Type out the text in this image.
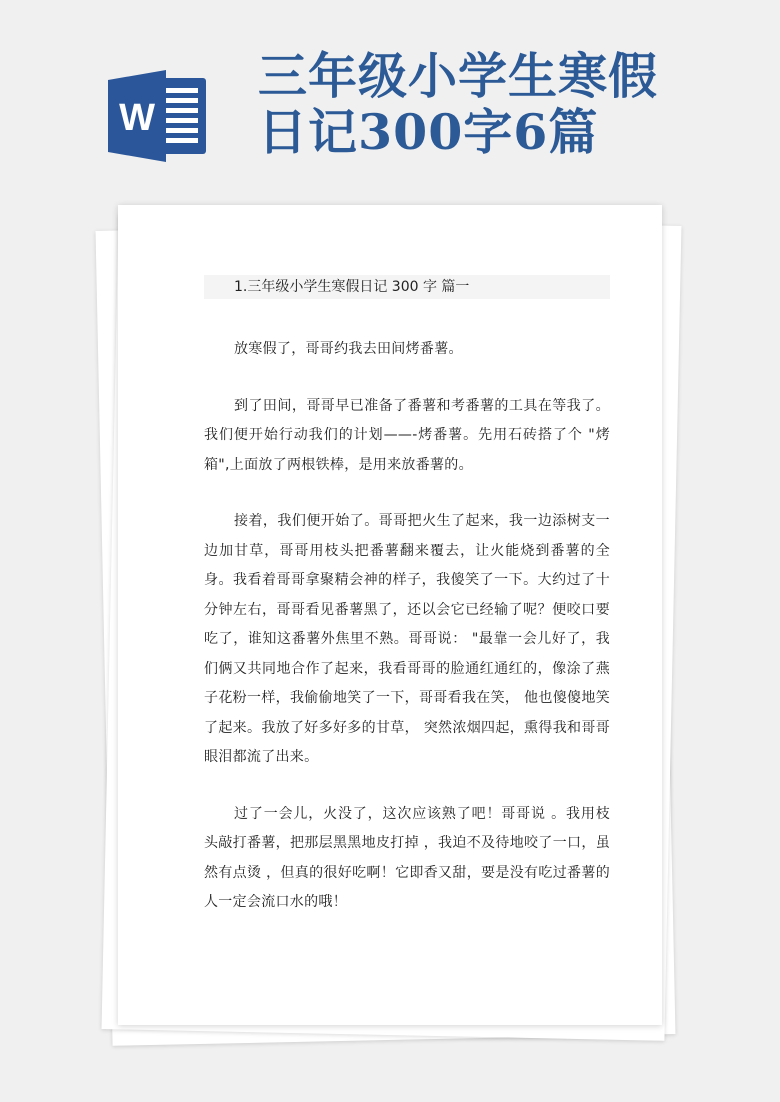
W
三年级小学生寒假
日记300字6篇
1.三年级小学生寒假日记 300 字 篇一

放寒假了，哥哥约我去田间烤番薯。

到了田间，哥哥早已准备了番薯和考番薯的工具在等我了。我们便开始行动我们的计划——-烤番薯。先用石砖搭了个 "烤箱",上面放了两根铁棒，是用来放番薯的。

接着，我们便开始了。哥哥把火生了起来，我一边添树支一边加甘草，哥哥用枝头把番薯翻来覆去，让火能烧到番薯的全身。我看着哥哥拿聚精会神的样子，我傻笑了一下。大约过了十分钟左右，哥哥看见番薯黑了，还以会它已经输了呢？便咬口要吃了，谁知这番薯外焦里不熟。哥哥说： "最靠一会儿好了，我们俩又共同地合作了起来，我看哥哥的脸通红通红的，像涂了燕子花粉一样，我偷偷地笑了一下，哥哥看我在笑， 他也傻傻地笑了起来。我放了好多好多的甘草， 突然浓烟四起，熏得我和哥哥眼泪都流了出来。

过了一会儿，火没了，这次应该熟了吧！哥哥说 。我用枝头敲打番薯，把那层黑黑地皮打掉 ，我迫不及待地咬了一口，虽然有点烫 ，但真的很好吃啊！它即香又甜，要是没有吃过番薯的人一定会流口水的哦！
